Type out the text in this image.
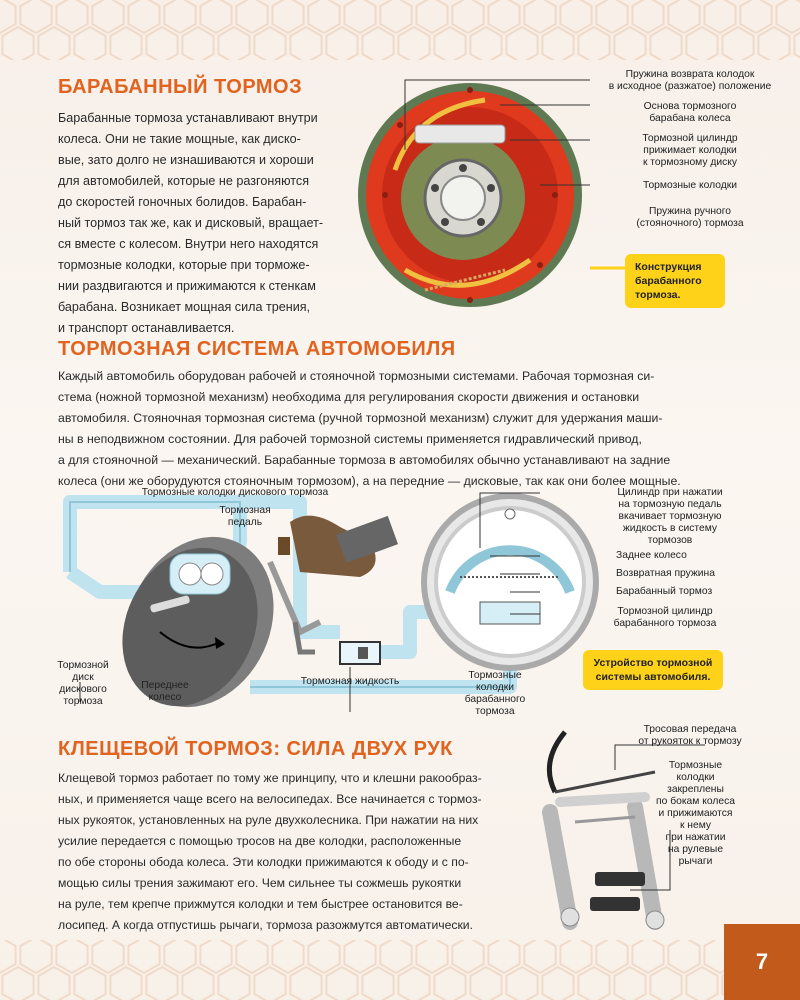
БАРАБАННЫЙ ТОРМОЗ
Барабанные тормоза устанавливают внутри
колеса. Они не такие мощные, как диско-
вые, зато долго не изнашиваются и хороши
для автомобилей, которые не разгоняются
до скоростей гоночных болидов. Барабан-
ный тормоз так же, как и дисковый, вращает-
ся вместе с колесом. Внутри него находятся
тормозные колодки, которые при торможе-
нии раздвигаются и прижимаются к стенкам
барабана. Возникает мощная сила трения,
и транспорт останавливается.
Пружина возврата колодок
в исходное (разжатое) положение
Основа тормозного
барабана колеса
Тормозной цилиндр
прижимает колодки
к тормозному диску
Тормозные колодки
Пружина ручного
(стояночного) тормоза
Конструкция
барабанного
тормоза.
ТОРМОЗНАЯ СИСТЕМА АВТОМОБИЛЯ
Каждый автомобиль оборудован рабочей и стояночной тормозными системами. Рабочая тормозная си-
стема (ножной тормозной механизм) необходима для регулирования скорости движения и остановки
автомобиля. Стояночная тормозная система (ручной тормозной механизм) служит для удержания маши-
ны в неподвижном состоянии. Для рабочей тормозной системы применяется гидравлический привод,
а для стояночной — механический. Барабанные тормоза в автомобилях обычно устанавливают на задние
колеса (они же оборудуются стояночным тормозом), а на передние — дисковые, так как они более мощные.
Тормозные колодки дискового тормоза
Тормозная
педаль
Цилиндр при нажатии
на тормозную педаль
вкачивает тормозную
жидкость в систему
тормозов
Заднее колесо
Возвратная пружина
Барабанный тормоз
Тормозной цилиндр
барабанного тормоза
Тормозной
диск
дискового
тормоза
Переднее
колесо
Тормозная жидкость
Тормозные
колодки
барабанного
тормоза
Устройство тормозной
системы автомобиля.
КЛЕЩЕВОЙ ТОРМОЗ: СИЛА ДВУХ РУК
Клещевой тормоз работает по тому же принципу, что и клешни ракообраз-
ных, и применяется чаще всего на велосипедах. Все начинается с тормоз-
ных рукояток, установленных на руле двухколесника. При нажатии на них
усилие передается с помощью тросов на две колодки, расположенные
по обе стороны обода колеса. Эти колодки прижимаются к ободу и с по-
мощью силы трения зажимают его. Чем сильнее ты сожмешь рукоятки
на руле, тем крепче прижмутся колодки и тем быстрее остановится ве-
лосипед. А когда отпустишь рычаги, тормоза разожмутся автоматически.
Тросовая передача
от рукояток к тормозу
Тормозные
колодки
закреплены
по бокам колеса
и прижимаются
к нему
при нажатии
на рулевые
рычаги
7
